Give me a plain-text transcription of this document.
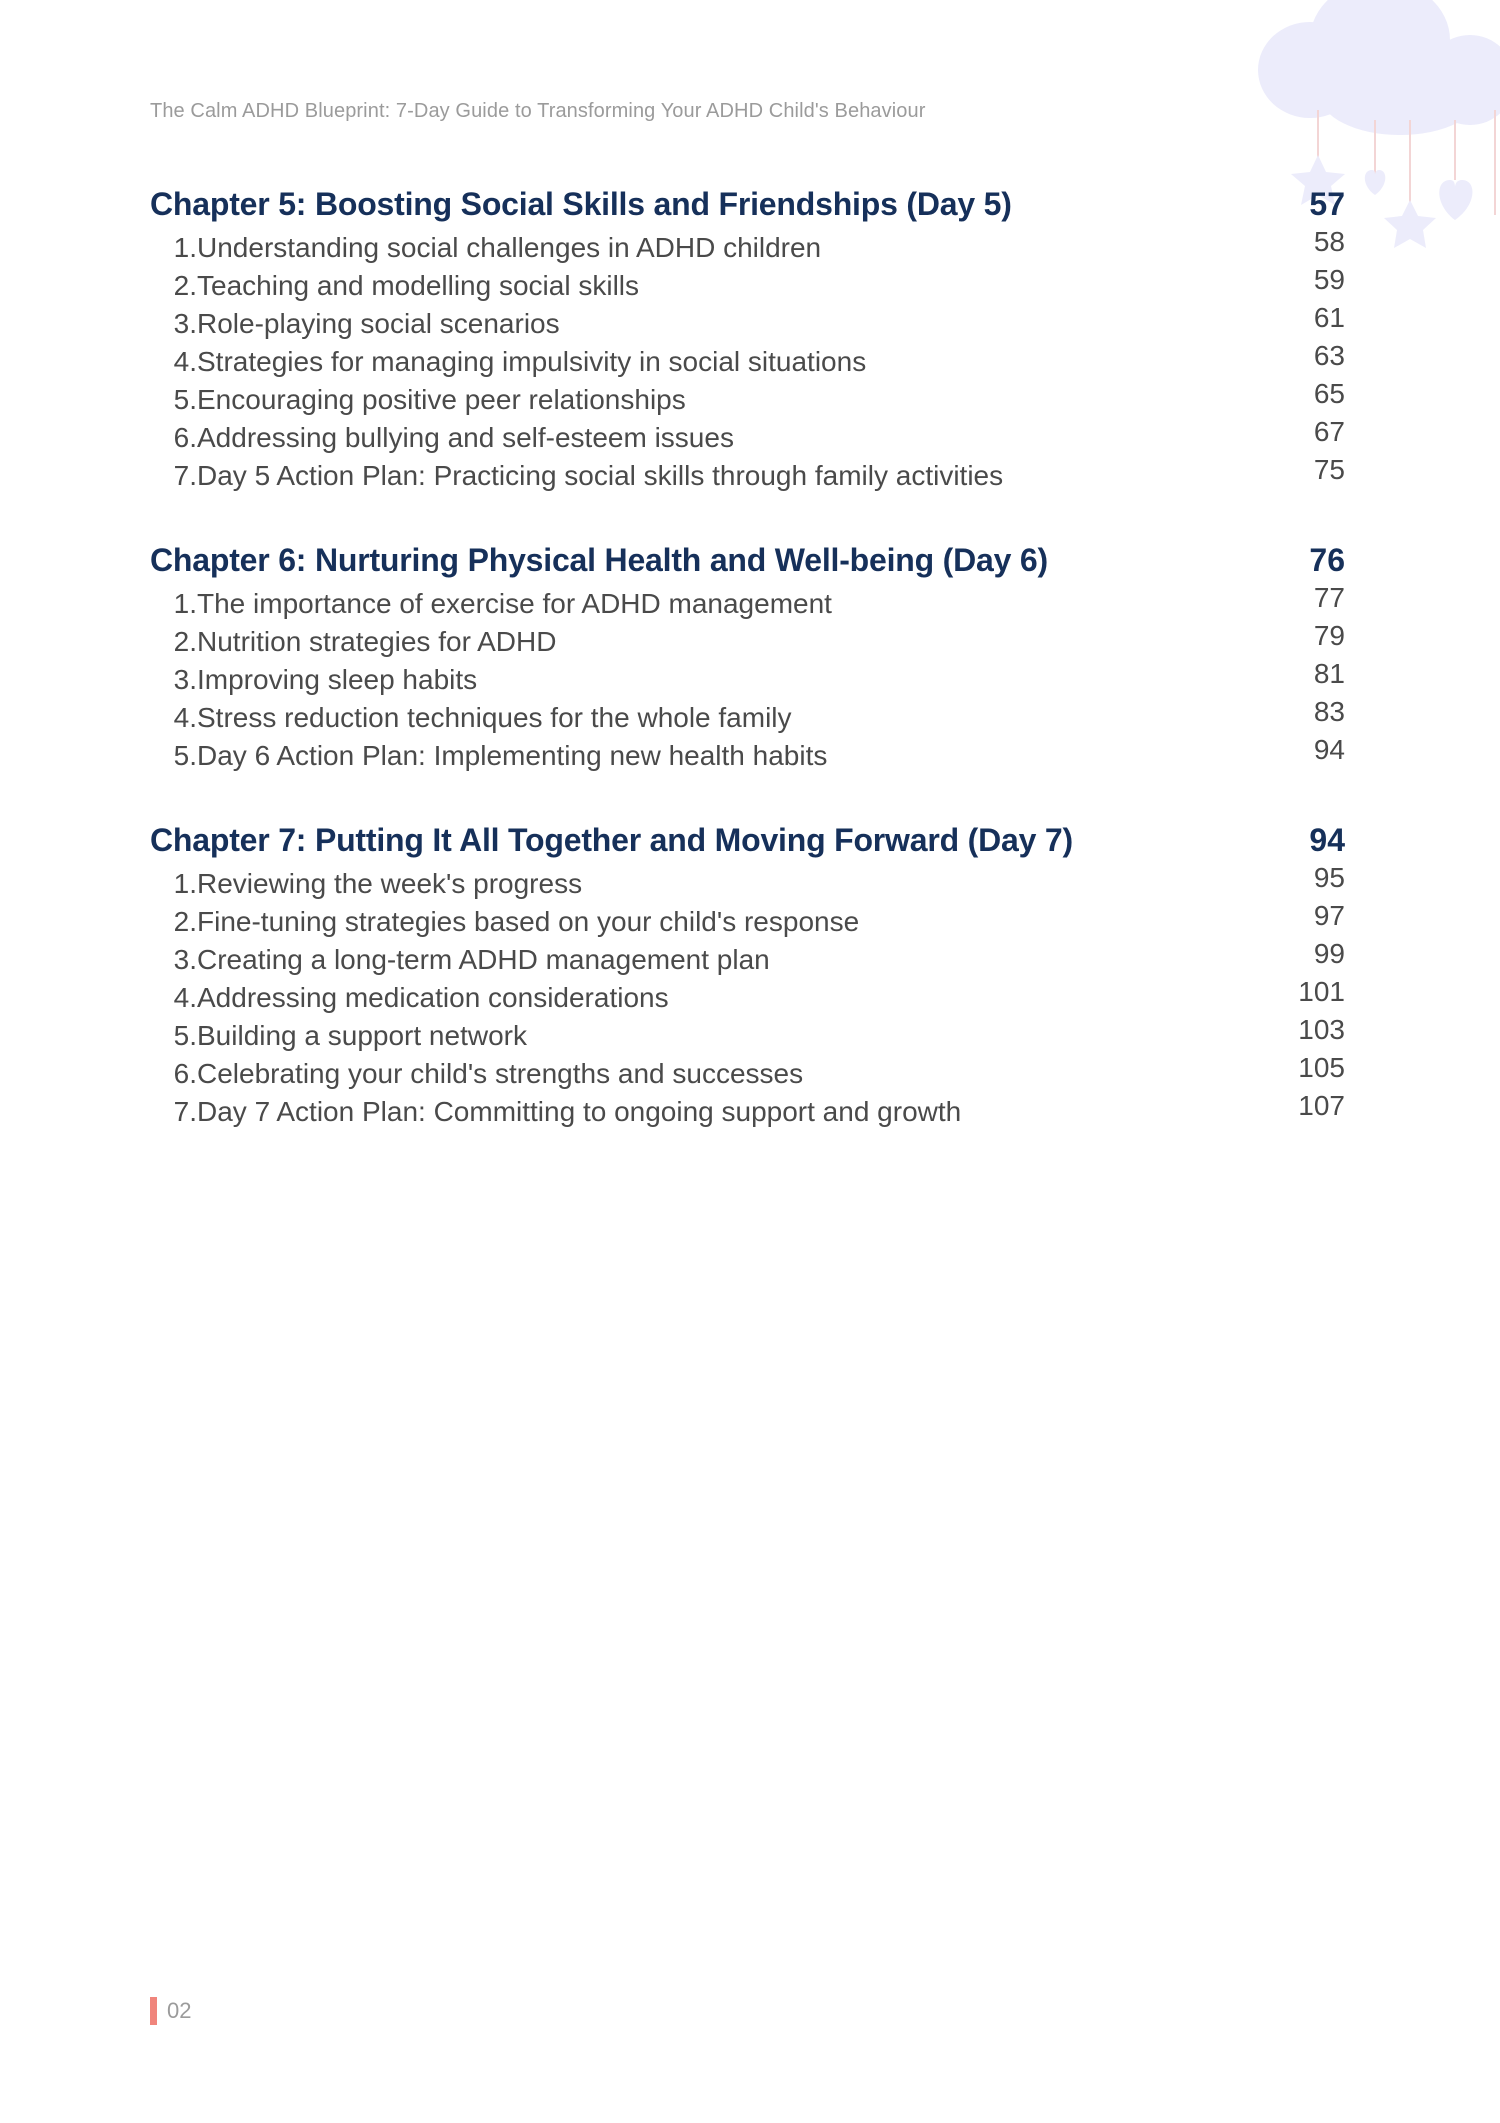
The Calm ADHD Blueprint: 7-Day Guide to Transforming Your ADHD Child's Behaviour
Chapter 5: Boosting Social Skills and Friendships (Day 5)	57
1. Understanding social challenges in ADHD children	58
2. Teaching and modelling social skills	59
3. Role-playing social scenarios	61
4. Strategies for managing impulsivity in social situations	63
5. Encouraging positive peer relationships	65
6. Addressing bullying and self-esteem issues	67
7. Day 5 Action Plan: Practicing social skills through family activities	75
Chapter 6: Nurturing Physical Health and Well-being (Day 6)	76
1. The importance of exercise for ADHD management	77
2. Nutrition strategies for ADHD	79
3. Improving sleep habits	81
4. Stress reduction techniques for the whole family	83
5. Day 6 Action Plan: Implementing new health habits	94
Chapter 7: Putting It All Together and Moving Forward (Day 7)	94
1. Reviewing the week's progress	95
2. Fine-tuning strategies based on your child's response	97
3. Creating a long-term ADHD management plan	99
4. Addressing medication considerations	101
5. Building a support network	103
6. Celebrating your child's strengths and successes	105
7. Day 7 Action Plan: Committing to ongoing support and growth	107
02
